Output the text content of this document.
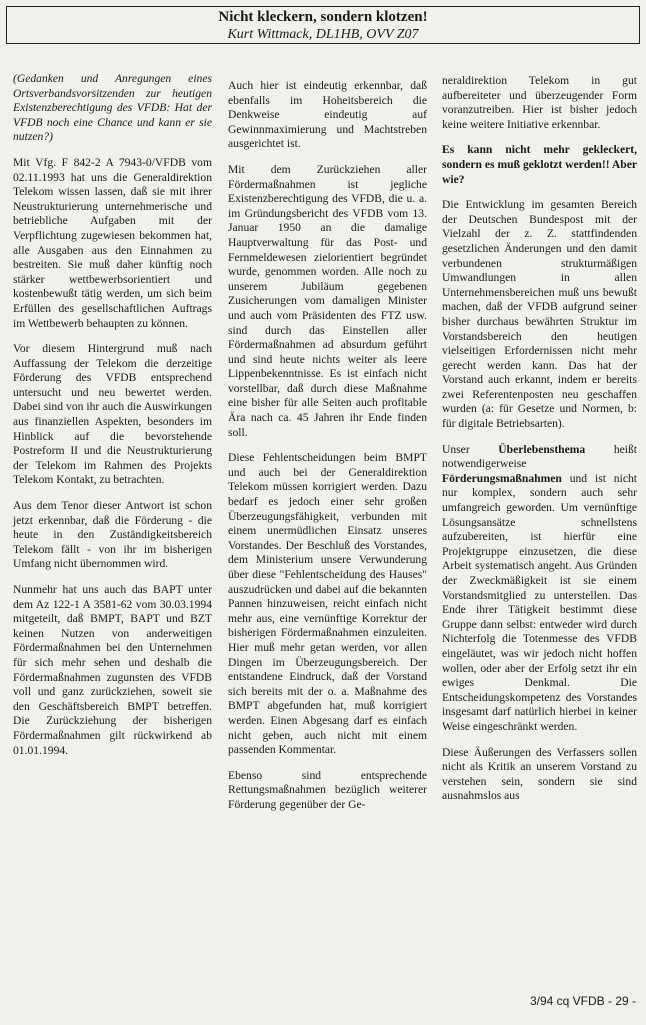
Nicht kleckern, sondern klotzen!
Kurt Wittmack, DL1HB, OVV Z07

(Gedanken und Anregungen eines Ortsverbandsvorsitzenden zur heutigen Existenzberechtigung des VFDB: Hat der VFDB noch eine Chance und kann er sie nutzen?)

Mit Vfg. F 842-2 A 7943-0/VFDB vom 02.11.1993 hat uns die Generaldirektion Telekom wissen lassen, daß sie mit ihrer Neustrukturierung unternehmerische und betriebliche Aufgaben mit der Verpflichtung zugewiesen bekommen hat, alle Ausgaben aus den Einnahmen zu bestreiten. Sie muß daher künftig noch stärker wettbewerbsorientiert und kostenbewußt tätig werden, um sich beim Erfüllen des gesellschaftlichen Auftrags im Wettbewerb behaupten zu können.

Vor diesem Hintergrund muß nach Auffassung der Telekom die derzeitige Förderung des VFDB entsprechend untersucht und neu bewertet werden. Dabei sind von ihr auch die Auswirkungen aus finanziellen Aspekten, besonders im Hinblick auf die bevorstehende Postreform II und die Neustrukturierung der Telekom im Rahmen des Projekts Telekom Kontakt, zu betrachten.

Aus dem Tenor dieser Antwort ist schon jetzt erkennbar, daß die Förderung - die heute in den Zuständigkeitsbereich Telekom fällt - von ihr im bisherigen Umfang nicht übernommen wird.

Nunmehr hat uns auch das BAPT unter dem Az 122-1 A 3581-62 vom 30.03.1994 mitgeteilt, daß BMPT, BAPT und BZT keinen Nutzen von anderweitigen Fördermaßnahmen bei den Unternehmen für sich mehr sehen und deshalb die Fördermaßnahmen zugunsten des VFDB voll und ganz zurückziehen, soweit sie den Geschäftsbereich BMPT betreffen. Die Zurückziehung der bisherigen Fördermaßnahmen gilt rückwirkend ab 01.01.1994.

Auch hier ist eindeutig erkennbar, daß ebenfalls im Hoheitsbereich die Denkweise eindeutig auf Gewinnmaximierung und Machtstreben ausgerichtet ist.

Mit dem Zurückziehen aller Fördermaßnahmen ist jegliche Existenzberechtigung des VFDB, die u. a. im Gründungsbericht des VFDB vom 13. Januar 1950 an die damalige Hauptverwaltung für das Post- und Fernmeldewesen zielorientiert begründet wurde, genommen worden. Alle noch zu unserem Jubiläum gegebenen Zusicherungen vom damaligen Minister und auch vom Präsidenten des FTZ usw. sind durch das Einstellen aller Fördermaßnahmen ad absurdum geführt und sind heute nichts weiter als leere Lippenbekenntnisse. Es ist einfach nicht vorstellbar, daß durch diese Maßnahme eine bisher für alle Seiten auch profitable Ära nach ca. 45 Jahren ihr Ende finden soll.

Diese Fehlentscheidungen beim BMPT und auch bei der Generaldirektion Telekom müssen korrigiert werden. Dazu bedarf es jedoch einer sehr großen Überzeugungsfähigkeit, verbunden mit einem unermüdlichen Einsatz unseres Vorstandes. Der Beschluß des Vorstandes, dem Ministerium unsere Verwunderung über diese "Fehlentscheidung des Hauses" auszudrücken und dabei auf die bekannten Pannen hinzuweisen, reicht einfach nicht mehr aus, eine vernünftige Korrektur der bisherigen Fördermaßnahmen einzuleiten. Hier muß mehr getan werden, vor allen Dingen im Überzeugungsbereich. Der entstandene Eindruck, daß der Vorstand sich bereits mit der o. a. Maßnahme des BMPT abgefunden hat, muß korrigiert werden. Einen Abgesang darf es einfach nicht geben, auch nicht mit einem passenden Kommentar.

Ebenso sind entsprechende Rettungsmaßnahmen bezüglich weiterer Förderung gegenüber der Ge-

neraldirektion Telekom in gut aufbereiteter und überzeugender Form voranzutreiben. Hier ist bisher jedoch keine weitere Initiative erkennbar.

Es kann nicht mehr gekleckert, sondern es muß geklotzt werden!! Aber wie?

Die Entwicklung im gesamten Bereich der Deutschen Bundespost mit der Vielzahl der z. Z. stattfindenden gesetzlichen Änderungen und den damit verbundenen strukturmäßigen Umwandlungen in allen Unternehmensbereichen muß uns bewußt machen, daß der VFDB aufgrund seiner bisher durchaus bewährten Struktur im Vorstandsbereich den heutigen vielseitigen Erfordernissen nicht mehr gerecht werden kann. Das hat der Vorstand auch erkannt, indem er bereits zwei Referentenposten neu geschaffen wurden (a: für Gesetze und Normen, b: für digitale Betriebsarten).

Unser Überlebensthema heißt notwendigerweise Förderungsmaßnahmen und ist nicht nur komplex, sondern auch sehr umfangreich geworden. Um vernünftige Lösungsansätze schnellstens aufzubereiten, ist hierfür eine Projektgruppe einzusetzen, die diese Arbeit systematisch angeht. Aus Gründen der Zweckmäßigkeit ist sie einem Vorstandsmitglied zu unterstellen. Das Ende ihrer Tätigkeit bestimmt diese Gruppe dann selbst: entweder wird durch Nichterfolg die Totenmesse des VFDB eingeläutet, was wir jedoch nicht hoffen wollen, oder aber der Erfolg setzt ihr ein ewiges Denkmal. Die Entscheidungskompetenz des Vorstandes insgesamt darf natürlich hierbei in keiner Weise eingeschränkt werden.

Diese Äußerungen des Verfassers sollen nicht als Kritik an unserem Vorstand zu verstehen sein, sondern sie sind ausnahmslos aus

3/94 cq VFDB - 29 -
